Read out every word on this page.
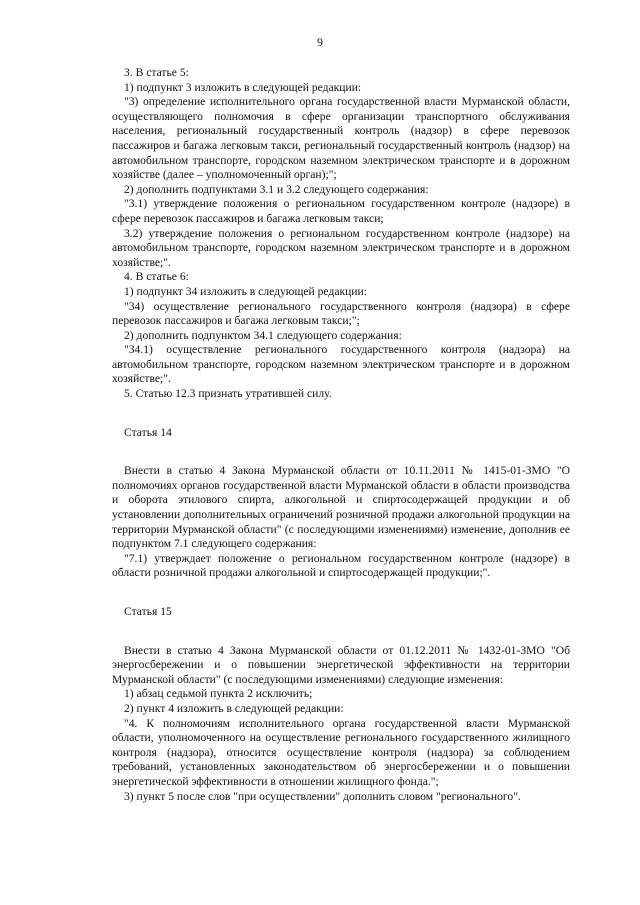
9

3. В статье 5:

1) подпункт 3 изложить в следующей редакции:

"3) определение исполнительного органа государственной власти Мурманской области, осуществляющего полномочия в сфере организации транспортного обслуживания населения, региональный государственный контроль (надзор) в сфере перевозок пассажиров и багажа легковым такси, региональный государственный контроль (надзор) на автомобильном транспорте, городском наземном электрическом транспорте и в дорожном хозяйстве (далее – уполномоченный орган);";

2) дополнить подпунктами 3.1 и 3.2 следующего содержания:

"3.1) утверждение положения о региональном государственном контроле (надзоре) в сфере перевозок пассажиров и багажа легковым такси;

3.2) утверждение положения о региональном государственном контроле (надзоре) на автомобильном транспорте, городском наземном электрическом транспорте и в дорожном хозяйстве;".

4. В статье 6:

1) подпункт 34 изложить в следующей редакции:

"34) осуществление регионального государственного контроля (надзора) в сфере перевозок пассажиров и багажа легковым такси;";

2) дополнить подпунктом 34.1 следующего содержания:

"34.1) осуществление регионального государственного контроля (надзора) на автомобильном транспорте, городском наземном электрическом транспорте и в дорожном хозяйстве;".

5. Статью 12.3 признать утратившей силу.

Статья 14

Внести в статью 4 Закона Мурманской области от 10.11.2011 № 1415-01-ЗМО "О полномочиях органов государственной власти Мурманской области в области производства и оборота этилового спирта, алкогольной и спиртосодержащей продукции и об установлении дополнительных ограничений розничной продажи алкогольной продукции на территории Мурманской области" (с последующими изменениями) изменение, дополнив ее подпунктом 7.1 следующего содержания:

"7.1) утверждает положение о региональном государственном контроле (надзоре) в области розничной продажи алкогольной и спиртосодержащей продукции;".

Статья 15

Внести в статью 4 Закона Мурманской области от 01.12.2011 № 1432-01-ЗМО "Об энергосбережении и о повышении энергетической эффективности на территории Мурманской области" (с последующими изменениями) следующие изменения:

1) абзац седьмой пункта 2 исключить;

2) пункт 4 изложить в следующей редакции:

"4. К полномочиям исполнительного органа государственной власти Мурманской области, уполномоченного на осуществление регионального государственного жилищного контроля (надзора), относится осуществление контроля (надзора) за соблюдением требований, установленных законодательством об энергосбережении и о повышении энергетической эффективности в отношении жилищного фонда.";

3) пункт 5 после слов "при осуществлении" дополнить словом "регионального".
